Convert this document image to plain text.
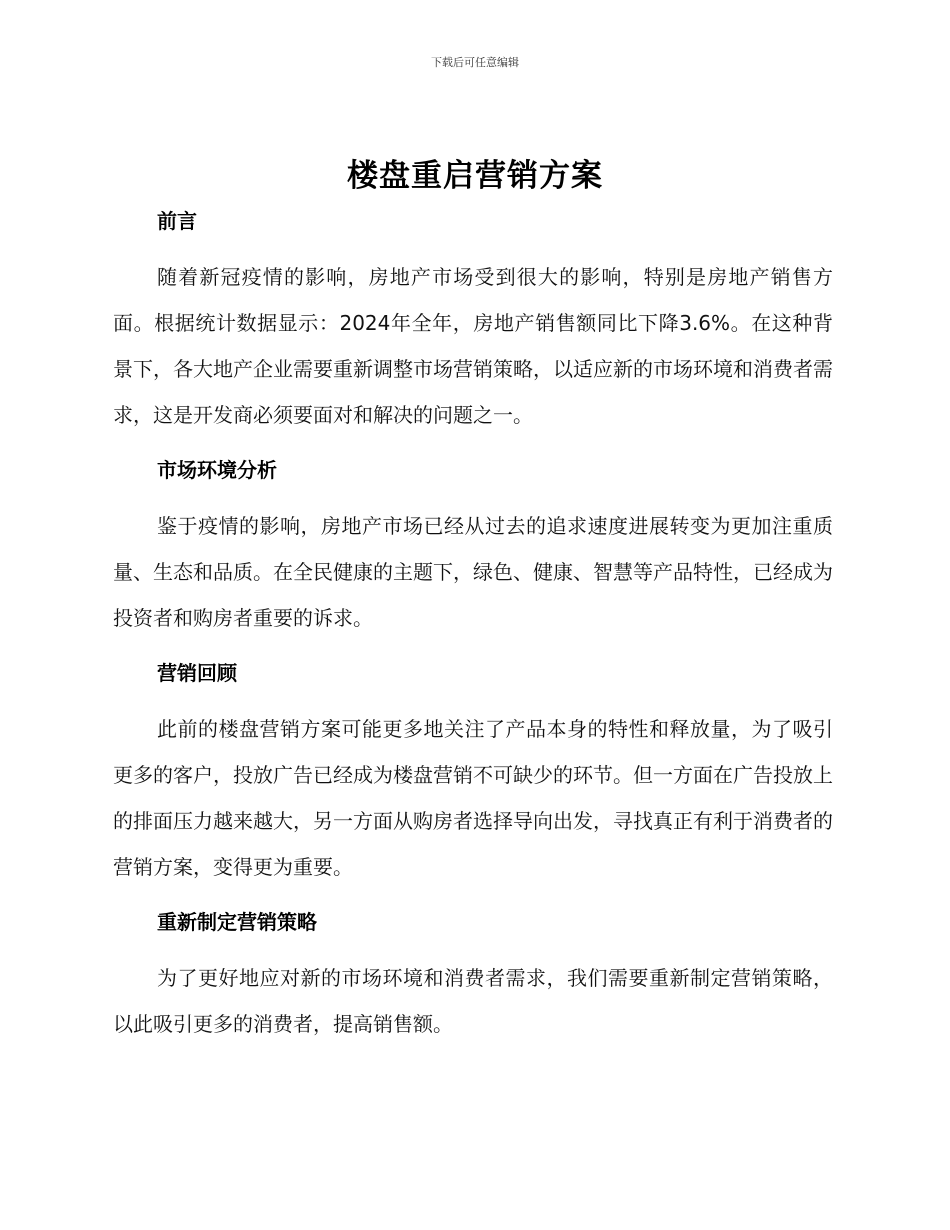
下载后可任意编辑
楼盘重启营销方案
前言

随着新冠疫情的影响，房地产市场受到很大的影响，特别是房地产销售方面。根据统计数据显示：2024年全年，房地产销售额同比下降3.6%。在这种背景下，各大地产企业需要重新调整市场营销策略，以适应新的市场环境和消费者需求，这是开发商必须要面对和解决的问题之一。

市场环境分析

鉴于疫情的影响，房地产市场已经从过去的追求速度进展转变为更加注重质量、生态和品质。在全民健康的主题下，绿色、健康、智慧等产品特性，已经成为投资者和购房者重要的诉求。

营销回顾

此前的楼盘营销方案可能更多地关注了产品本身的特性和释放量，为了吸引更多的客户，投放广告已经成为楼盘营销不可缺少的环节。但一方面在广告投放上的排面压力越来越大，另一方面从购房者选择导向出发，寻找真正有利于消费者的营销方案，变得更为重要。

重新制定营销策略

为了更好地应对新的市场环境和消费者需求，我们需要重新制定营销策略，以此吸引更多的消费者，提高销售额。
